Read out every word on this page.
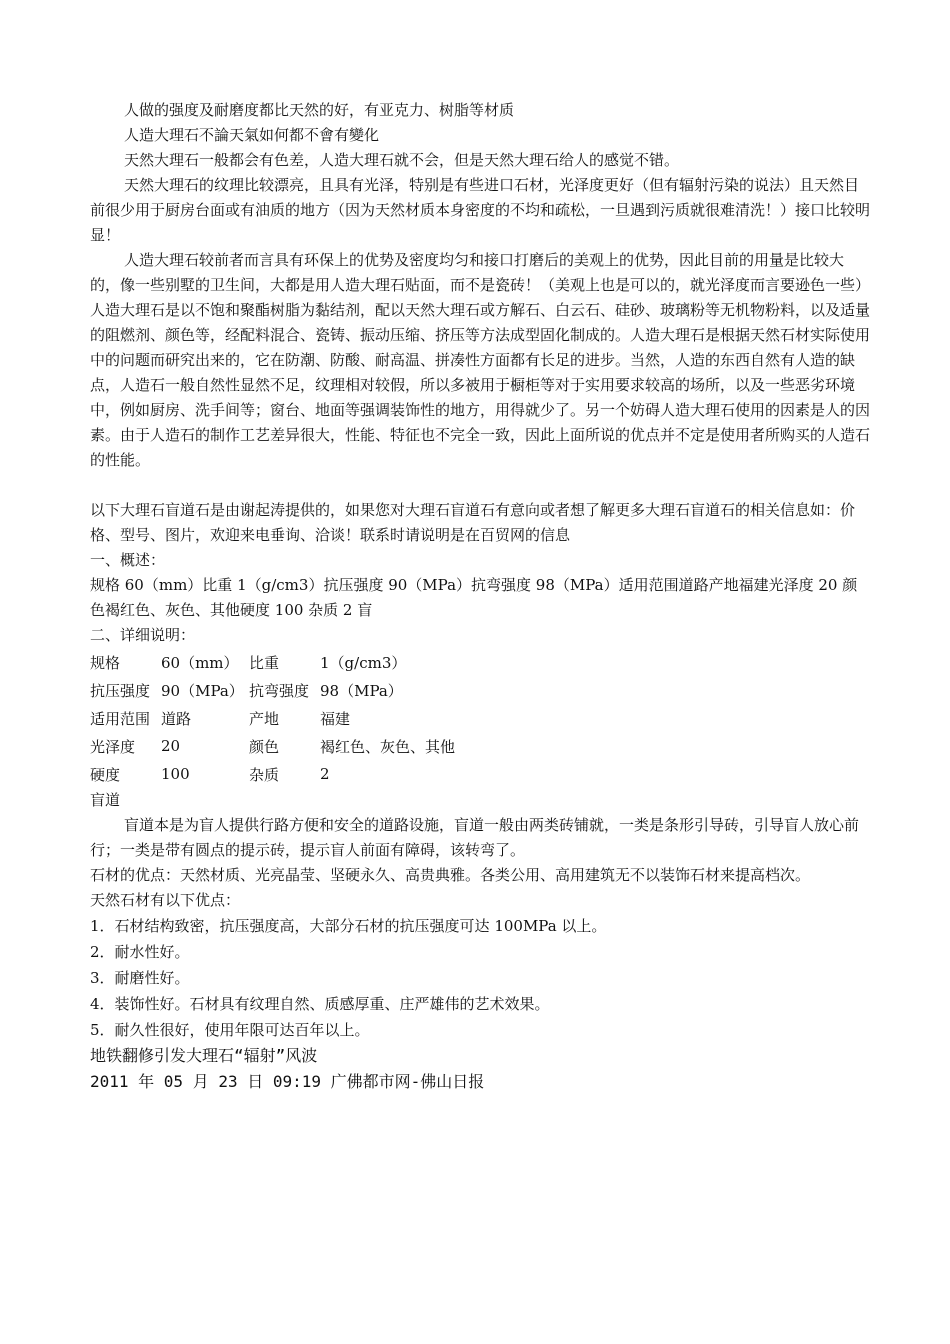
人做的强度及耐磨度都比天然的好，有亚克力、树脂等材质

人造大理石不論天氣如何都不會有變化

天然大理石一般都会有色差，人造大理石就不会，但是天然大理石给人的感觉不错。

天然大理石的纹理比较漂亮，且具有光泽，特别是有些进口石材，光泽度更好（但有辐射污染的说法）且天然目前很少用于厨房台面或有油质的地方（因为天然材质本身密度的不均和疏松，一旦遇到污质就很难清洗！）接口比较明显！

人造大理石较前者而言具有环保上的优势及密度均匀和接口打磨后的美观上的优势，因此目前的用量是比较大的，像一些别墅的卫生间，大都是用人造大理石贴面，而不是瓷砖！（美观上也是可以的，就光泽度而言要逊色一些）

人造大理石是以不饱和聚酯树脂为黏结剂，配以天然大理石或方解石、白云石、硅砂、玻璃粉等无机物粉料，以及适量的阻燃剂、颜色等，经配料混合、瓷铸、振动压缩、挤压等方法成型固化制成的。人造大理石是根据天然石材实际使用中的问题而研究出来的，它在防潮、防酸、耐高温、拼凑性方面都有长足的进步。当然，人造的东西自然有人造的缺点，人造石一般自然性显然不足，纹理相对较假，所以多被用于橱柜等对于实用要求较高的场所，以及一些恶劣环境中，例如厨房、洗手间等；窗台、地面等强调装饰性的地方，用得就少了。另一个妨碍人造大理石使用的因素是人的因素。由于人造石的制作工艺差异很大，性能、特征也不完全一致，因此上面所说的优点并不定是使用者所购买的人造石的性能。

以下大理石盲道石是由谢起涛提供的，如果您对大理石盲道石有意向或者想了解更多大理石盲道石的相关信息如：价格、型号、图片，欢迎来电垂询、洽谈！联系时请说明是在百贸网的信息

一、概述：

规格 60（mm）比重 1（g/cm3）抗压强度 90（MPa）抗弯强度 98（MPa）适用范围道路产地福建光泽度 20 颜色褐红色、灰色、其他硬度 100 杂质 2 盲

二、详细说明：

规格	60（mm）	比重	1（g/cm3）
抗压强度	90（MPa）	抗弯强度	98（MPa）
适用范围	道路	产地	福建
光泽度	20	颜色	褐红色、灰色、其他
硬度	100	杂质	2

盲道

盲道本是为盲人提供行路方便和安全的道路设施，盲道一般由两类砖铺就，一类是条形引导砖，引导盲人放心前行；一类是带有圆点的提示砖，提示盲人前面有障碍，该转弯了。

石材的优点：天然材质、光亮晶莹、坚硬永久、高贵典雅。各类公用、高用建筑无不以装饰石材来提高档次。

天然石材有以下优点：

1．石材结构致密，抗压强度高，大部分石材的抗压强度可达 100MPa 以上。

2．耐水性好。

3．耐磨性好。

4．装饰性好。石材具有纹理自然、质感厚重、庄严雄伟的艺术效果。

5．耐久性很好，使用年限可达百年以上。

地铁翻修引发大理石“辐射”风波

2011 年 05 月 23 日 09:19 广佛都市网-佛山日报
